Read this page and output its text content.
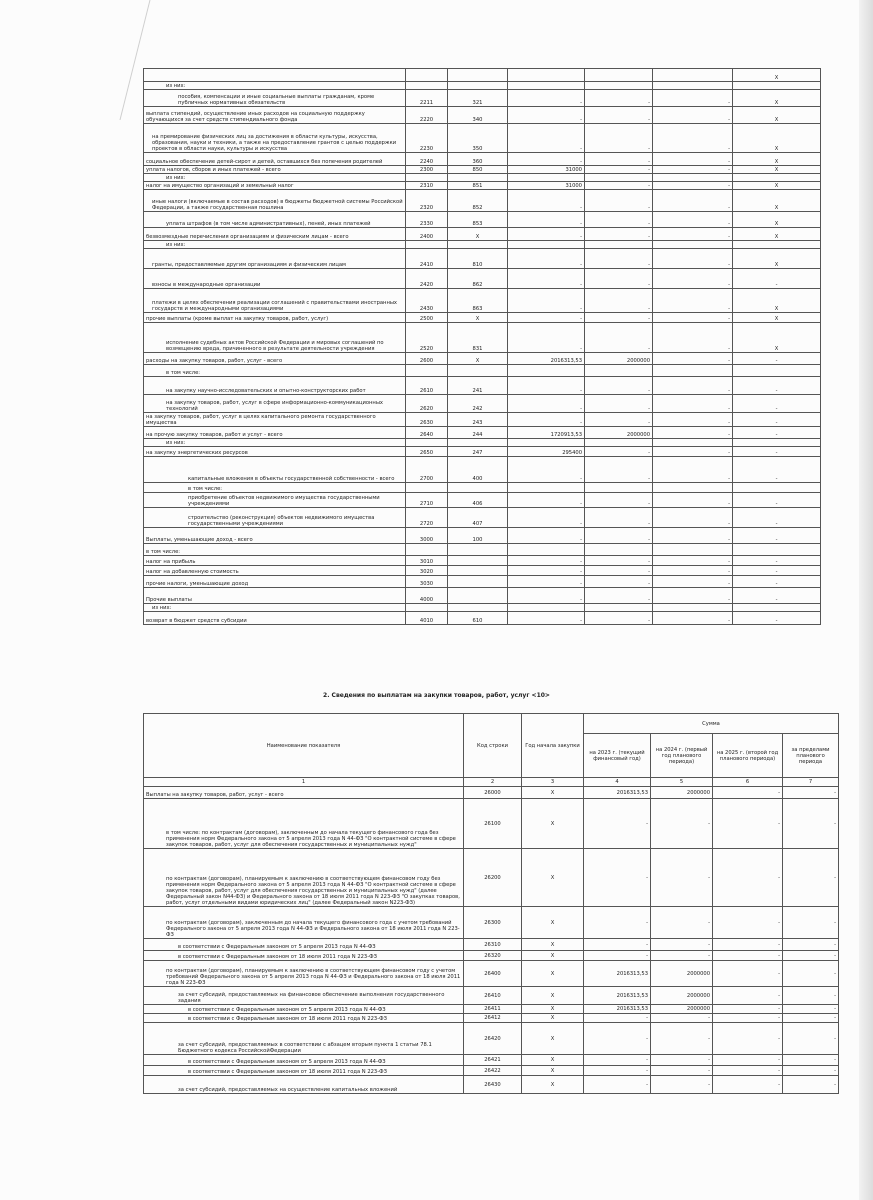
						X
из них:						
пособия, компенсации и иные социальные выплаты гражданам, кроме публичных нормативных обязательств	2211	321	-	-	-	X
выплата стипендий, осуществление иных расходов на социальную поддержку обучающихся за счет средств стипендиального фонда	2220	340	-	-	-	X
на премирование физических лиц за достижения в области культуры, искусства, образования, науки и техники, а также на предоставление грантов с целью поддержки проектов в области науки, культуры и искусства	2230	350	-	-	-	X
социальное обеспечение детей-сирот и детей, оставшихся без попечения родителей	2240	360	-	-	-	X
уплата налогов, сборов и иных платежей - всего	2300	850	31000	-	-	X
из них:						
налог на имущество организаций и земельный налог	2310	851	31000	-	-	X
иные налоги (включаемые в состав расходов) в бюджеты бюджетной системы Российской Федерации, а также государственная пошлина	2320	852	-	-	-	X
уплата штрафов (в том числе административных), пеней, иных платежей	2330	853	-	-	-	X
безвозмездные перечисления организациям и физическим лицам - всего	2400	X	-	-	-	X
из них:						
гранты, предоставляемые другим организациям и физическим лицам	2410	810	-	-	-	X
взносы в международные организации	2420	862	-	-	-	-
платежи в целях обеспечения реализации соглашений с правительствами иностранных государств и международными организациями	2430	863	-	-	-	X
прочие выплаты (кроме выплат на закупку товаров, работ, услуг)	2500	X	-	-	-	X
исполнение судебных актов Российской Федерации и мировых соглашений по возмещению вреда, причиненного в результате деятельности учреждения	2520	831	-	-	-	X
расходы на закупку товаров, работ, услуг - всего	2600	X	2016313,53	2000000	-	-
в том числе:						
на закупку научно-исследовательских и опытно-конструкторских работ	2610	241	-	-	-	-
на закупку товаров, работ, услуг в сфере информационно-коммуникационных технологий	2620	242	-	-	-	-
на закупку товаров, работ, услуг в целях капитального ремонта государственного имущества	2630	243	-	-	-	-
на прочую закупку товаров, работ и услуг - всего	2640	244	1720913,53	2000000	-	-
из них:						
на закупку энергетических ресурсов	2650	247	295400	-	-	-
капитальные вложения в объекты государственной собственности - всего	2700	400	-	-	-	-
в том числе:						
приобретение объектов недвижимого имущества государственными учреждениями	2710	406	-	-	-	-
строительство (реконструкция) объектов недвижимого имущества государственными учреждениями	2720	407	-	-	-	-
Выплаты, уменьшающие доход - всего	3000	100	-	-	-	-
в том числе:						
налог на прибыль	3010		-	-	-	-
налог на добавленную стоимость	3020		-	-	-	-
прочие налоги, уменьшающие доход	3030		-	-	-	-
Прочие выплаты	4000		-	-	-	-
из них:						
возврат в бюджет средств субсидии	4010	610	-	-	-	-
2. Сведения по выплатам на закупки товаров, работ, услуг <10>
Наименование показателя	Код строки	Год начала закупки	Сумма			
			на 2023 г. (текущий финансовый год)	на 2024 г. (первый год планового периода)	на 2025 г. (второй год планового периода)	за пределами планового периода
1	2	3	4	5	6	7
Выплаты на закупку товаров, работ, услуг - всего	26000	X	2016313,53	2000000	-	-
в том числе: по контрактам (договорам), заключенным до начала текущего финансового года без применения норм Федерального закона от 5 апреля 2013 года N 44-ФЗ "О контрактной системе в сфере закупок товаров, работ, услуг для обеспечения государственных и муниципальных нужд"	26100	X	-	-	-	-
по контрактам (договорам), планируемым к заключению в соответствующем финансовом году без применения норм Федерального закона от 5 апреля 2013 года N 44-ФЗ "О контрактной системе в сфере закупок товаров, работ, услуг для обеспечения государственных и муниципальных нужд" (далее Федеральный закон N44-ФЗ) и Федерального закона от 18 июля 2011 года N 223-ФЗ "О закупках товаров, работ, услуг отдельными видами юридических лиц" (далее Федеральный закон N223-ФЗ)	26200	X	-	-	-	-
по контрактам (договорам), заключенным до начала текущего финансового года с учетом требований Федерального закона от 5 апреля 2013 года N 44-ФЗ и Федерального закона от 18 июля 2011 года N 223-ФЗ	26300	X	-	-	-	-
в соответствии с Федеральным законом от 5 апреля 2013 года N 44-ФЗ	26310	X	-	-	-	-
в соответствии с Федеральным законом от 18 июля 2011 года N 223-ФЗ	26320	X	-	-	-	-
по контрактам (договорам), планируемым к заключению в соответствующем финансовом году с учетом требований Федерального закона от 5 апреля 2013 года N 44-ФЗ и Федерального закона от 18 июля 2011 года N 223-ФЗ	26400	X	2016313,53	2000000	-	-
за счет субсидий, предоставляемых на финансовое обеспечение выполнения государственного задания	26410	X	2016313,53	2000000	-	-
в соответствии с Федеральным законом от 5 апреля 2013 года N 44-ФЗ	26411	X	2016313,53	2000000	-	-
в соответствии с Федеральным законом от 18 июля 2011 года N 223-ФЗ	26412	X	-	-	-	-
за счет субсидий, предоставляемых в соответствии с абзацем вторым пункта 1 статьи 78.1 Бюджетного кодекса РоссийскойФедерации	26420	X	-	-	-	-
в соответствии с Федеральным законом от 5 апреля 2013 года N 44-ФЗ	26421	X	-	-	-	-
в соответствии с Федеральным законом от 18 июля 2011 года N 223-ФЗ	26422	X	-	-	-	-
за счет субсидий, предоставляемых на осуществление капитальных вложений	26430	X	-	-	-	-
